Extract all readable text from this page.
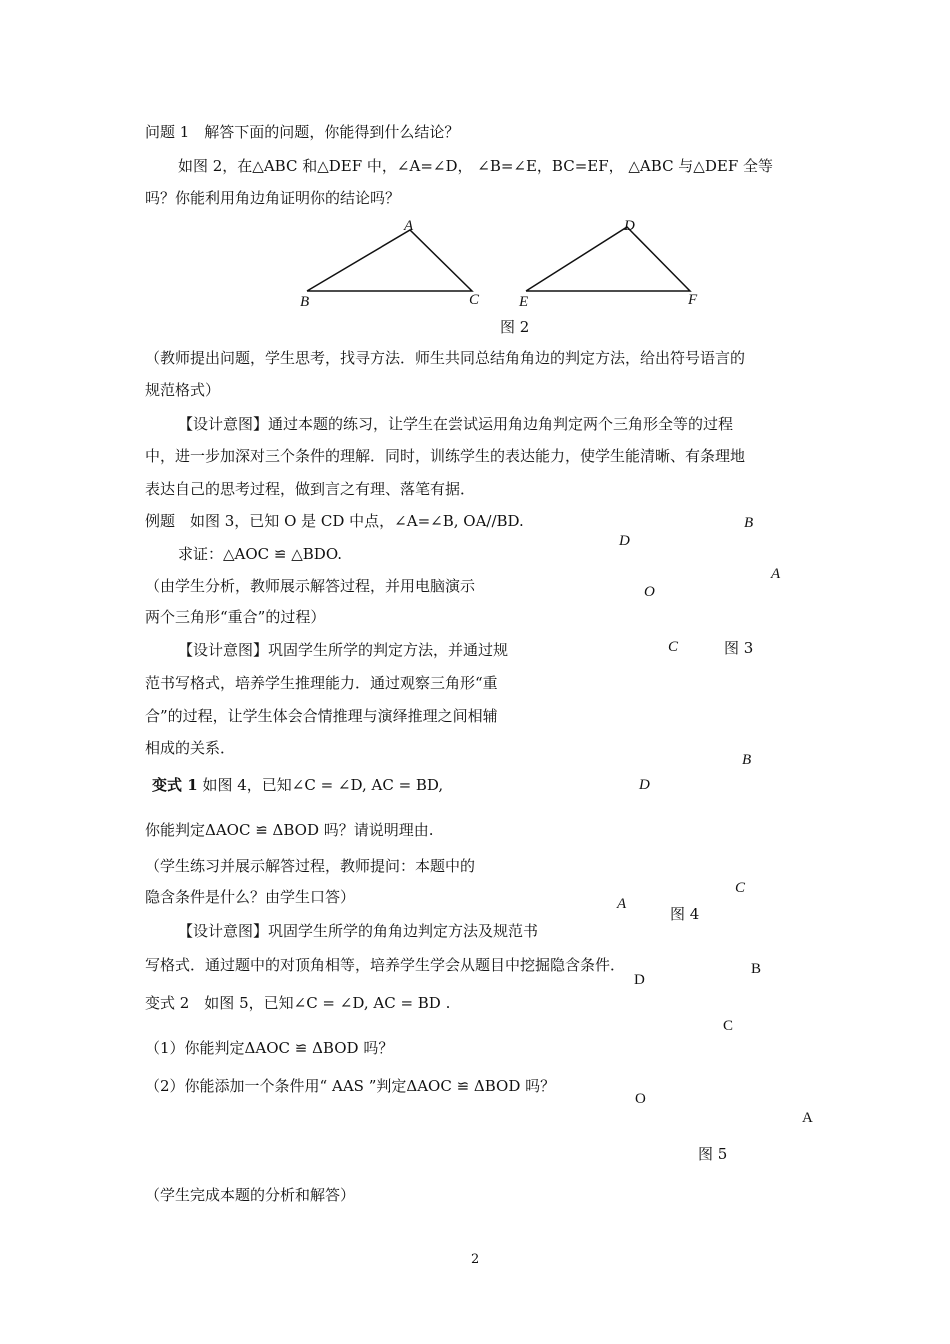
问题 1　解答下面的问题，你能得到什么结论？
如图 2，在△ABC 和△DEF 中，∠A=∠D， ∠B=∠E，BC=EF， △ABC 与△DEF 全等
吗？你能利用角边角证明你的结论吗？
A
B	C
D
E	F
图 2
（教师提出问题，学生思考，找寻方法．师生共同总结角角边的判定方法，给出符号语言的
规范格式）
【设计意图】通过本题的练习，让学生在尝试运用角边角判定两个三角形全等的过程
中，进一步加深对三个条件的理解．同时，训练学生的表达能力，使学生能清晰、有条理地
表达自己的思考过程，做到言之有理、落笔有据．
例题　如图 3，已知 O 是 CD 中点，∠A=∠B, OA//BD.
求证：△AOC ≌ △BDO.
（由学生分析，教师展示解答过程，并用电脑演示
两个三角形“重合”的过程）
B
D
A
O
C	图 3
【设计意图】巩固学生所学的判定方法，并通过规
范书写格式，培养学生推理能力．通过观察三角形“重
合”的过程，让学生体会合情推理与演绎推理之间相辅
相成的关系．
变式 1 如图 4，已知∠C = ∠D, AC = BD,
你能判定ΔAOC ≌ ΔBOD 吗？请说明理由.
（学生练习并展示解答过程，教师提问：本题中的
隐含条件是什么？由学生口答）
B
D
C
A
图 4
【设计意图】巩固学生所学的角角边判定方法及规范书
写格式．通过题中的对顶角相等，培养学生学会从题目中挖掘隐含条件．
变式 2　如图 5，已知∠C = ∠D, AC = BD .
（1）你能判定ΔAOC ≌ ΔBOD 吗？
（2）你能添加一个条件用“ AAS ”判定ΔAOC ≌ ΔBOD 吗？
（学生完成本题的分析和解答）
B
D
C
O
A
图 5
2
